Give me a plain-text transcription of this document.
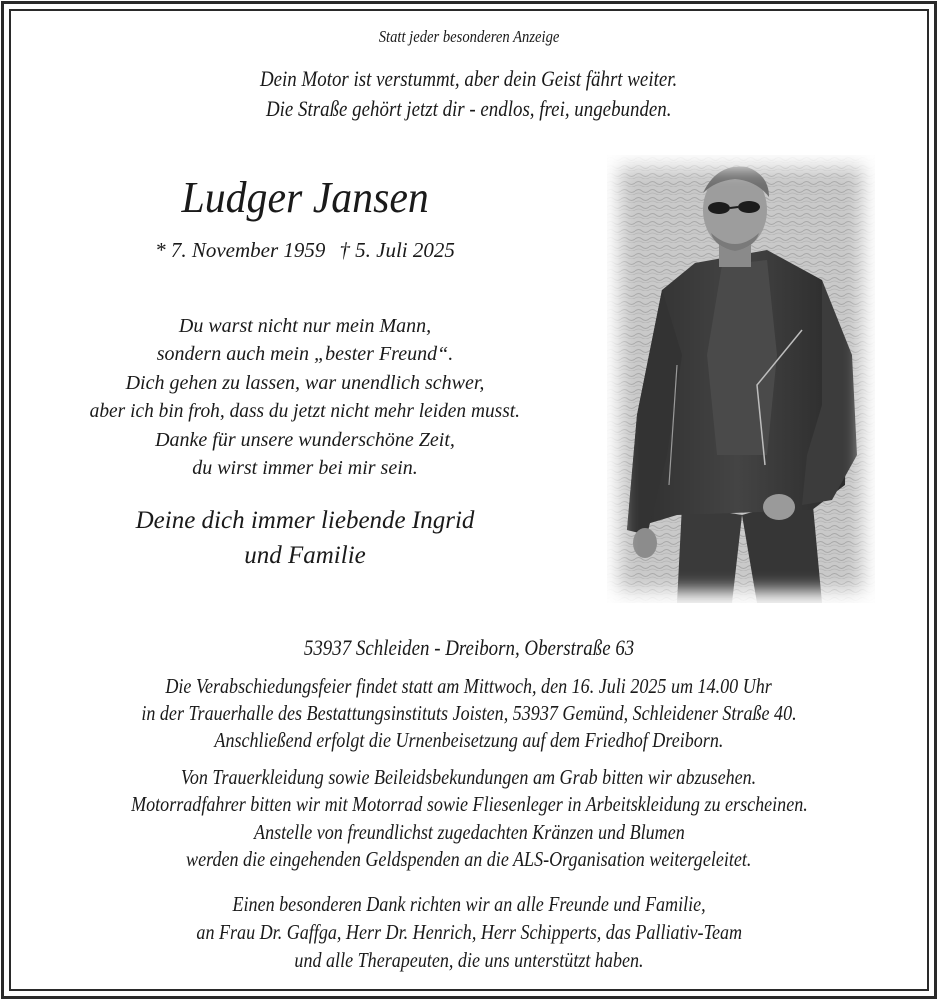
Statt jeder besonderen Anzeige
Dein Motor ist verstummt, aber dein Geist fährt weiter.
Die Straße gehört jetzt dir - endlos, frei, ungebunden.
Ludger Jansen
* 7. November 1959 † 5. Juli 2025
Du warst nicht nur mein Mann,
sondern auch mein „bester Freund“.
Dich gehen zu lassen, war unendlich schwer,
aber ich bin froh, dass du jetzt nicht mehr leiden musst.
Danke für unsere wunderschöne Zeit,
du wirst immer bei mir sein.
Deine dich immer liebende Ingrid
und Familie
53937 Schleiden - Dreiborn, Oberstraße 63
Die Verabschiedungsfeier findet statt am Mittwoch, den 16. Juli 2025 um 14.00 Uhr
in der Trauerhalle des Bestattungsinstituts Joisten, 53937 Gemünd, Schleidener Straße 40.
Anschließend erfolgt die Urnenbeisetzung auf dem Friedhof Dreiborn.
Von Trauerkleidung sowie Beileidsbekundungen am Grab bitten wir abzusehen.
Motorradfahrer bitten wir mit Motorrad sowie Fliesenleger in Arbeitskleidung zu erscheinen.
Anstelle von freundlichst zugedachten Kränzen und Blumen
werden die eingehenden Geldspenden an die ALS-Organisation weitergeleitet.
Einen besonderen Dank richten wir an alle Freunde und Familie,
an Frau Dr. Gaffga, Herr Dr. Henrich, Herr Schipperts, das Palliativ-Team
und alle Therapeuten, die uns unterstützt haben.
